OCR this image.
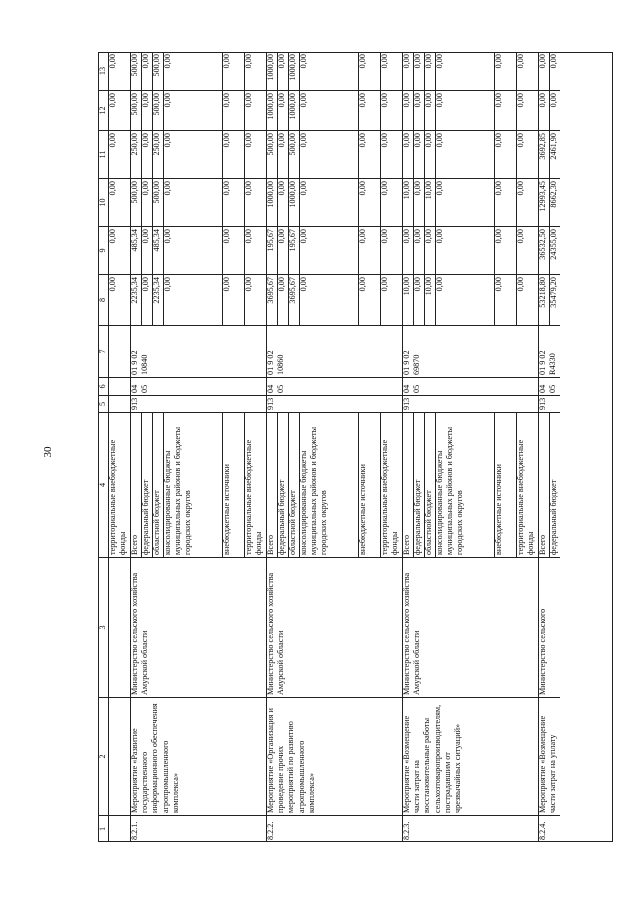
30
1
2
3
4
5
6
7
8
9
10
11
12
13
территориальные внебюджетные фонды
0,00
0,00
0,00
0,00
0,00
0,00
8.2.1.
Мероприятие «Развитие государственного информационного обеспечения агропромышленного комплекса»
Министерство сельского хозяйства Амурской области
913
04 05
01 9 02 10840
Всего
2235,34
485,34
500,00
250,00
500,00
500,00
федеральный бюджет
0,00
0,00
0,00
0,00
0,00
0,00
областной бюджет
2235,34
485,34
500,00
250,00
500,00
500,00
консолидированные бюджеты муниципальных районов и бюджеты городских округов
0,00
0,00
0,00
0,00
0,00
0,00
внебюджетные источники
0,00
0,00
0,00
0,00
0,00
0,00
территориальные внебюджетные фонды
0,00
0,00
0,00
0,00
0,00
0,00
8.2.2.
Мероприятие «Организация и проведение прочих мероприятий по развитию агропромышленного комплекса»
Министерство сельского хозяйства Амурской области
913
04 05
01 9 02 10860
Всего
3695,67
195,67
1000,00
500,00
1000,00
1000,00
федеральный бюджет
0,00
0,00
0,00
0,00
0,00
0,00
областной бюджет
3695,67
195,67
1000,00
500,00
1000,00
1000,00
консолидированные бюджеты муниципальных районов и бюджеты городских округов
0,00
0,00
0,00
0,00
0,00
0,00
внебюджетные источники
0,00
0,00
0,00
0,00
0,00
0,00
территориальные внебюджетные фонды
0,00
0,00
0,00
0,00
0,00
0,00
8.2.3.
Мероприятие «Возмещение части затрат на восстановительные работы сельхозтоваропроизводителям, пострадавшим от чрезвычайных ситуаций»
Министерство сельского хозяйства Амурской области
913
04 05
01 9 02 69870
Всего
10,00
0,00
10,00
0,00
0,00
0,00
федеральный бюджет
0,00
0,00
0,00
0,00
0,00
0,00
областной бюджет
10,00
0,00
10,00
0,00
0,00
0,00
консолидированные бюджеты муниципальных районов и бюджеты городских округов
0,00
0,00
0,00
0,00
0,00
0,00
внебюджетные источники
0,00
0,00
0,00
0,00
0,00
0,00
территориальные внебюджетные фонды
0,00
0,00
0,00
0,00
0,00
0,00
8.2.4.
Мероприятие «Возмещение части затрат на уплату
Министерство сельского
913
04 05
01 9 02 R4330
Всего
53218,80
36532,50
12993,45
3692,85
0,00
0,00
федеральный бюджет
35479,20
24355,00
8662,30
2461,90
0,00
0,00
